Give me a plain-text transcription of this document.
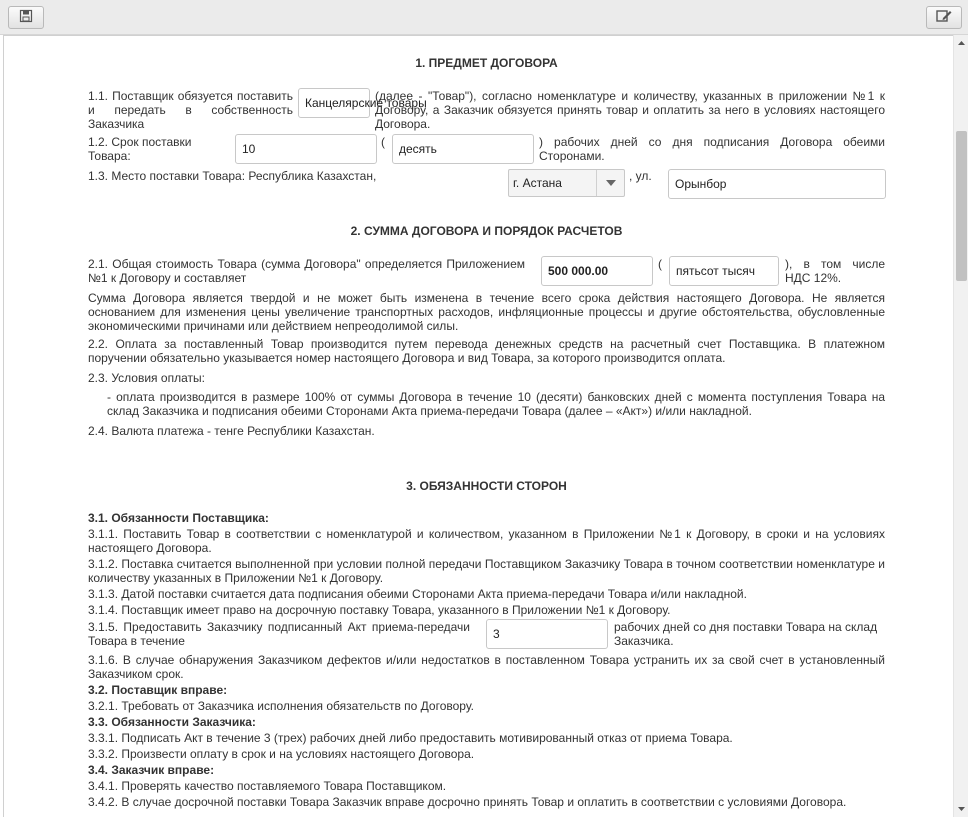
1. ПРЕДМЕТ ДОГОВОРА
1.1. Поставщик обязуется поставить и передать в собственность Заказчика
Канцелярские товары
(далее - "Товар"), согласно номенклатуре и количеству, указанных в приложении №1 к Договору, а Заказчик обязуется принять товар и оплатить за него в условиях настоящего Договора.
1.2. Срок поставки Товара:	10	(	десять	) рабочих дней со дня подписания Договора обеими Сторонами.
1.3. Место поставки Товара: Республика Казахстан,	г. Астана	, ул.
Орынбор
2. СУММА ДОГОВОРА И ПОРЯДОК РАСЧЕТОВ
2.1. Общая стоимость Товара (сумма Договора" определяется Приложением №1 к Договору и составляет	500 000.00	(	пятьсот тысяч	), в том числе НДС 12%.
Сумма Договора является твердой и не может быть изменена в течение всего срока действия настоящего Договора. Не является основанием для изменения цены увеличение транспортных расходов, инфляционные процессы и другие обстоятельства, обусловленные экономическими причинами или действием непреодолимой силы.
2.2. Оплата за поставленный Товар производится путем перевода денежных средств на расчетный счет Поставщика. В платежном поручении обязательно указывается номер настоящего Договора и вид Товара, за которого производится оплата.
2.3. Условия оплаты:
- оплата производится в размере 100% от суммы Договора в течение 10 (десяти) банковских дней с момента поступления Товара на склад Заказчика и подписания обеими Сторонами Акта приема-передачи Товара (далее – «Акт») и/или накладной.
2.4. Валюта платежа - тенге Республики Казахстан.
3. ОБЯЗАННОСТИ СТОРОН
3.1. Обязанности Поставщика:
3.1.1. Поставить Товар в соответствии с номенклатурой и количеством, указанном в Приложении №1 к Договору, в сроки и на условиях настоящего Договора.
3.1.2. Поставка считается выполненной при условии полной передачи Поставщиком Заказчику Товара в точном соответствии номенклатуре и количеству указанных в Приложении №1 к Договору.
3.1.3. Датой поставки считается дата подписания обеими Сторонами Акта приема-передачи Товара и/или накладной.
3.1.4. Поставщик имеет право на досрочную поставку Товара, указанного в Приложении №1 к Договору.
3.1.5. Предоставить Заказчику подписанный Акт приема-передачи Товара в течение	3	рабочих дней со дня поставки Товара на склад Заказчика.
3.1.6. В случае обнаружения Заказчиком дефектов и/или недостатков в поставленном Товара устранить их за свой счет в установленный Заказчиком срок.
3.2. Поставщик вправе:
3.2.1. Требовать от Заказчика исполнения обязательств по Договору.
3.3. Обязанности Заказчика:
3.3.1. Подписать Акт в течение 3 (трех) рабочих дней либо предоставить мотивированный отказ от приема Товара.
3.3.2. Произвести оплату в срок и на условиях настоящего Договора.
3.4. Заказчик вправе:
3.4.1. Проверять качество поставляемого Товара Поставщиком.
3.4.2. В случае досрочной поставки Товара Заказчик вправе досрочно принять Товар и оплатить в соответствии с условиями Договора.
